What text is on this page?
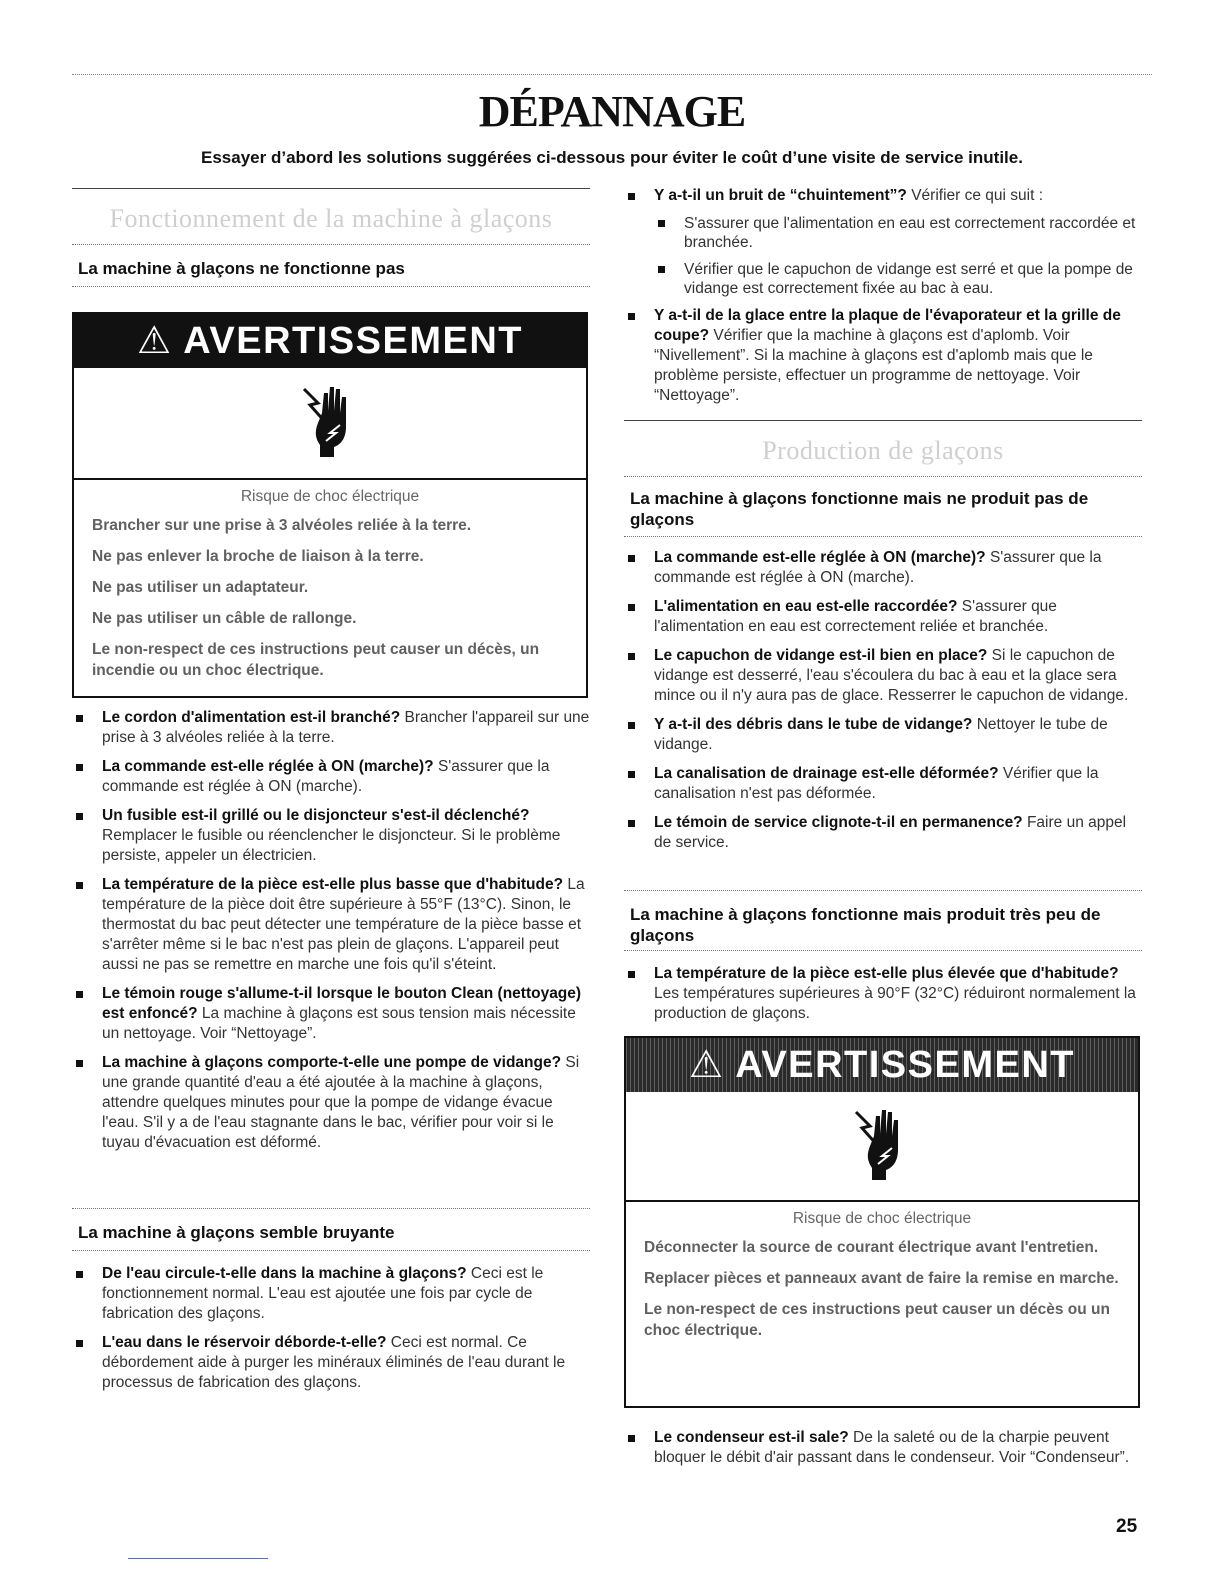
DÉPANNAGE
Essayer d’abord les solutions suggérées ci-dessous pour éviter le coût d’une visite de service inutile.
Fonctionnement de la machine à glaçons
La machine à glaçons ne fonctionne pas
⚠ AVERTISSEMENT
Risque de choc électrique

Brancher sur une prise à 3 alvéoles reliée à la terre.

Ne pas enlever la broche de liaison à la terre.

Ne pas utiliser un adaptateur.

Ne pas utiliser un câble de rallonge.

Le non-respect de ces instructions peut causer un décès, un incendie ou un choc électrique.

Le cordon d'alimentation est-il branché? Brancher l'appareil sur une prise à 3 alvéoles reliée à la terre.
La commande est-elle réglée à ON (marche)? S'assurer que la commande est réglée à ON (marche).
Un fusible est-il grillé ou le disjoncteur s'est-il déclenché? Remplacer le fusible ou réenclencher le disjoncteur. Si le problème persiste, appeler un électricien.
La température de la pièce est-elle plus basse que d'habitude? La température de la pièce doit être supérieure à 55°F (13°C). Sinon, le thermostat du bac peut détecter une température de la pièce basse et s'arrêter même si le bac n'est pas plein de glaçons. L'appareil peut aussi ne pas se remettre en marche une fois qu'il s'éteint.
Le témoin rouge s'allume-t-il lorsque le bouton Clean (nettoyage) est enfoncé? La machine à glaçons est sous tension mais nécessite un nettoyage. Voir “Nettoyage”.
La machine à glaçons comporte-t-elle une pompe de vidange? Si une grande quantité d'eau a été ajoutée à la machine à glaçons, attendre quelques minutes pour que la pompe de vidange évacue l'eau. S'il y a de l'eau stagnante dans le bac, vérifier pour voir si le tuyau d'évacuation est déformé.
La machine à glaçons semble bruyante
De l'eau circule-t-elle dans la machine à glaçons? Ceci est le fonctionnement normal. L'eau est ajoutée une fois par cycle de fabrication des glaçons.
L'eau dans le réservoir déborde-t-elle? Ceci est normal. Ce débordement aide à purger les minéraux éliminés de l'eau durant le processus de fabrication des glaçons.
Y a-t-il un bruit de “chuintement”? Vérifier ce qui suit :
S'assurer que l'alimentation en eau est correctement raccordée et branchée.
Vérifier que le capuchon de vidange est serré et que la pompe de vidange est correctement fixée au bac à eau.
Y a-t-il de la glace entre la plaque de l'évaporateur et la grille de coupe? Vérifier que la machine à glaçons est d'aplomb. Voir “Nivellement”. Si la machine à glaçons est d'aplomb mais que le problème persiste, effectuer un programme de nettoyage. Voir “Nettoyage”.
Production de glaçons
La machine à glaçons fonctionne mais ne produit pas de glaçons
La commande est-elle réglée à ON (marche)? S'assurer que la commande est réglée à ON (marche).
L'alimentation en eau est-elle raccordée? S'assurer que l'alimentation en eau est correctement reliée et branchée.
Le capuchon de vidange est-il bien en place? Si le capuchon de vidange est desserré, l'eau s'écoulera du bac à eau et la glace sera mince ou il n'y aura pas de glace. Resserrer le capuchon de vidange.
Y a-t-il des débris dans le tube de vidange? Nettoyer le tube de vidange.
La canalisation de drainage est-elle déformée? Vérifier que la canalisation n'est pas déformée.
Le témoin de service clignote-t-il en permanence? Faire un appel de service.
La machine à glaçons fonctionne mais produit très peu de glaçons
La température de la pièce est-elle plus élevée que d'habitude? Les températures supérieures à 90°F (32°C) réduiront normalement la production de glaçons.
⚠ AVERTISSEMENT
Risque de choc électrique

Déconnecter la source de courant électrique avant l'entretien.

Replacer pièces et panneaux avant de faire la remise en marche.

Le non-respect de ces instructions peut causer un décès ou un choc électrique.

Le condenseur est-il sale? De la saleté ou de la charpie peuvent bloquer le débit d'air passant dans le condenseur. Voir “Condenseur”.
25
